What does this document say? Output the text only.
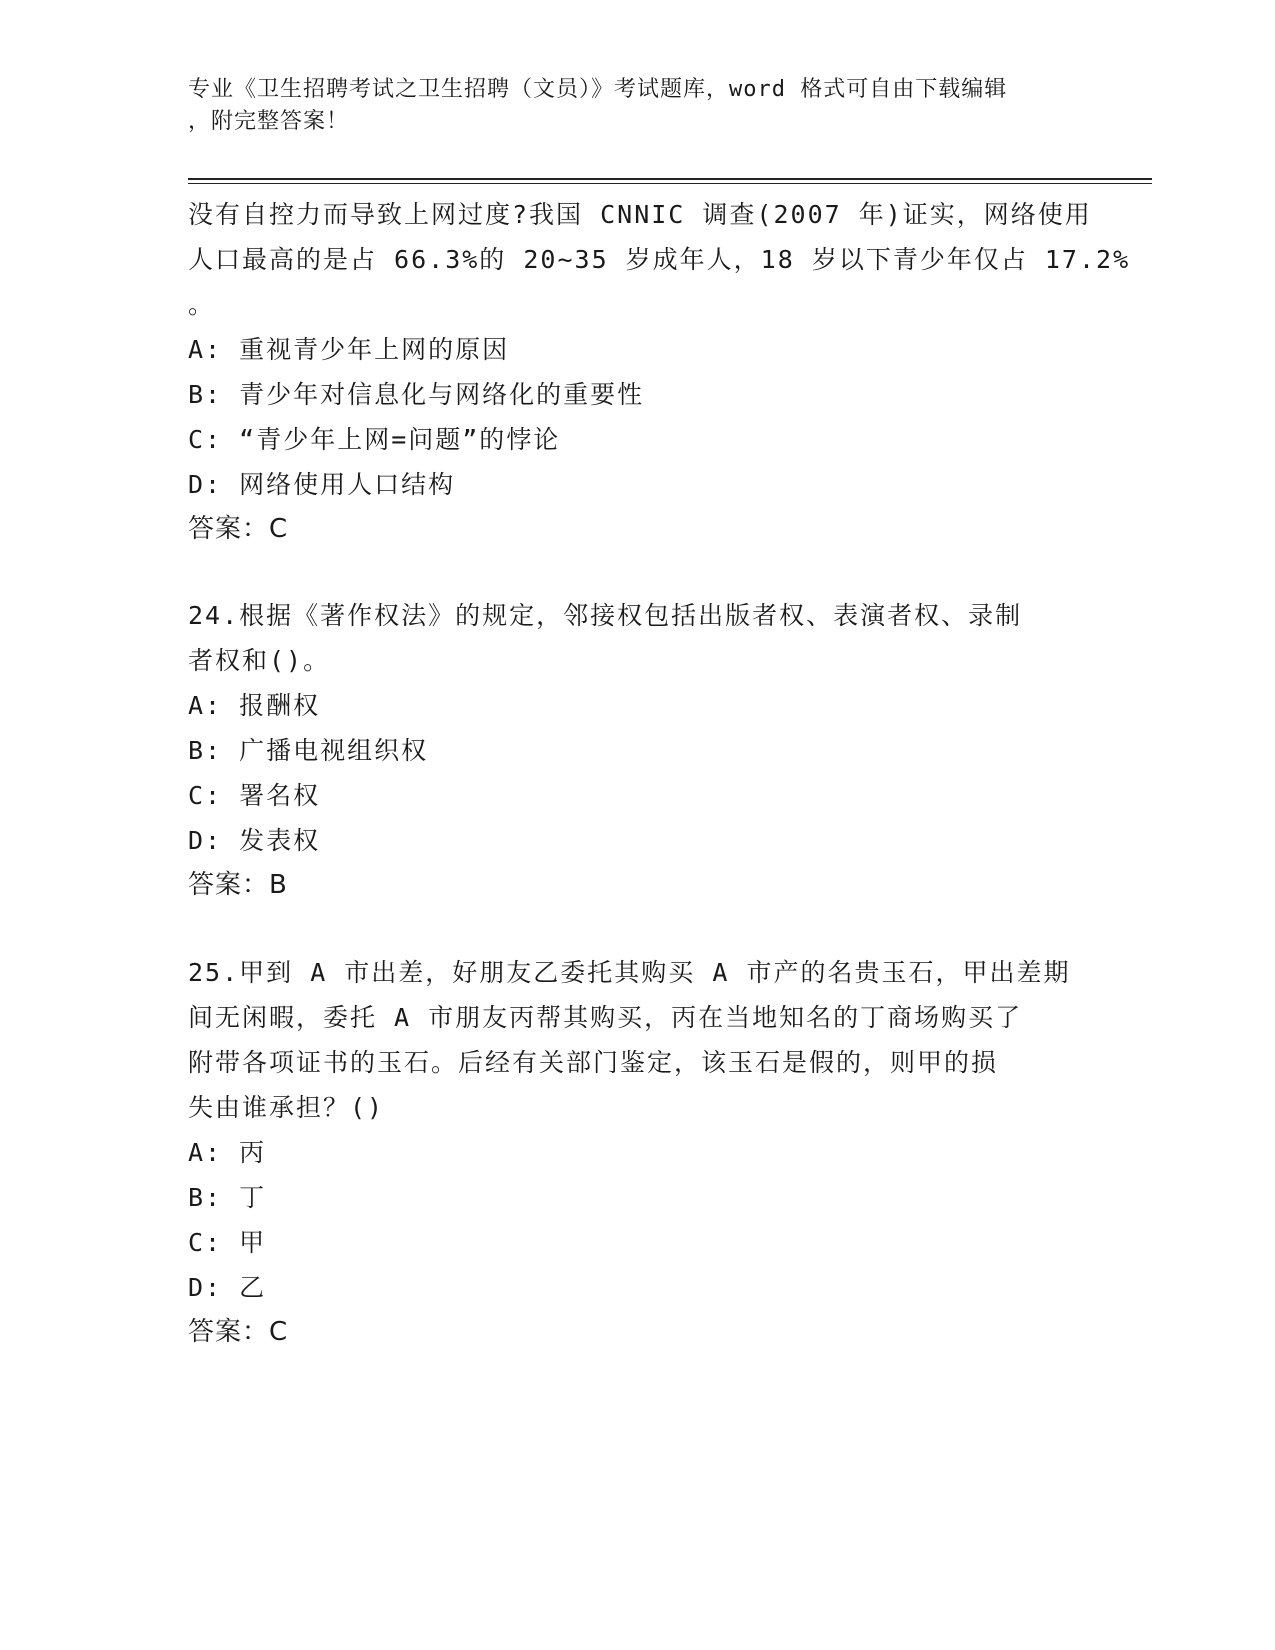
专业《卫生招聘考试之卫生招聘（文员）》考试题库，word 格式可自由下载编辑
，附完整答案！
没有自控力而导致上网过度?我国 CNNIC 调查(2007 年)证实，网络使用
人口最高的是占 66.3%的 20~35 岁成年人，18 岁以下青少年仅占 17.2%
。
A: 重视青少年上网的原因
B: 青少年对信息化与网络化的重要性
C: “青少年上网=问题”的悖论
D: 网络使用人口结构
答案：C
24.根据《著作权法》的规定，邻接权包括出版者权、表演者权、录制
者权和()。
A: 报酬权
B: 广播电视组织权
C: 署名权
D: 发表权
答案：B
25.甲到 A 市出差，好朋友乙委托其购买 A 市产的名贵玉石，甲出差期
间无闲暇，委托 A 市朋友丙帮其购买，丙在当地知名的丁商场购买了
附带各项证书的玉石。后经有关部门鉴定，该玉石是假的，则甲的损
失由谁承担？()
A: 丙
B: 丁
C: 甲
D: 乙
答案：C
